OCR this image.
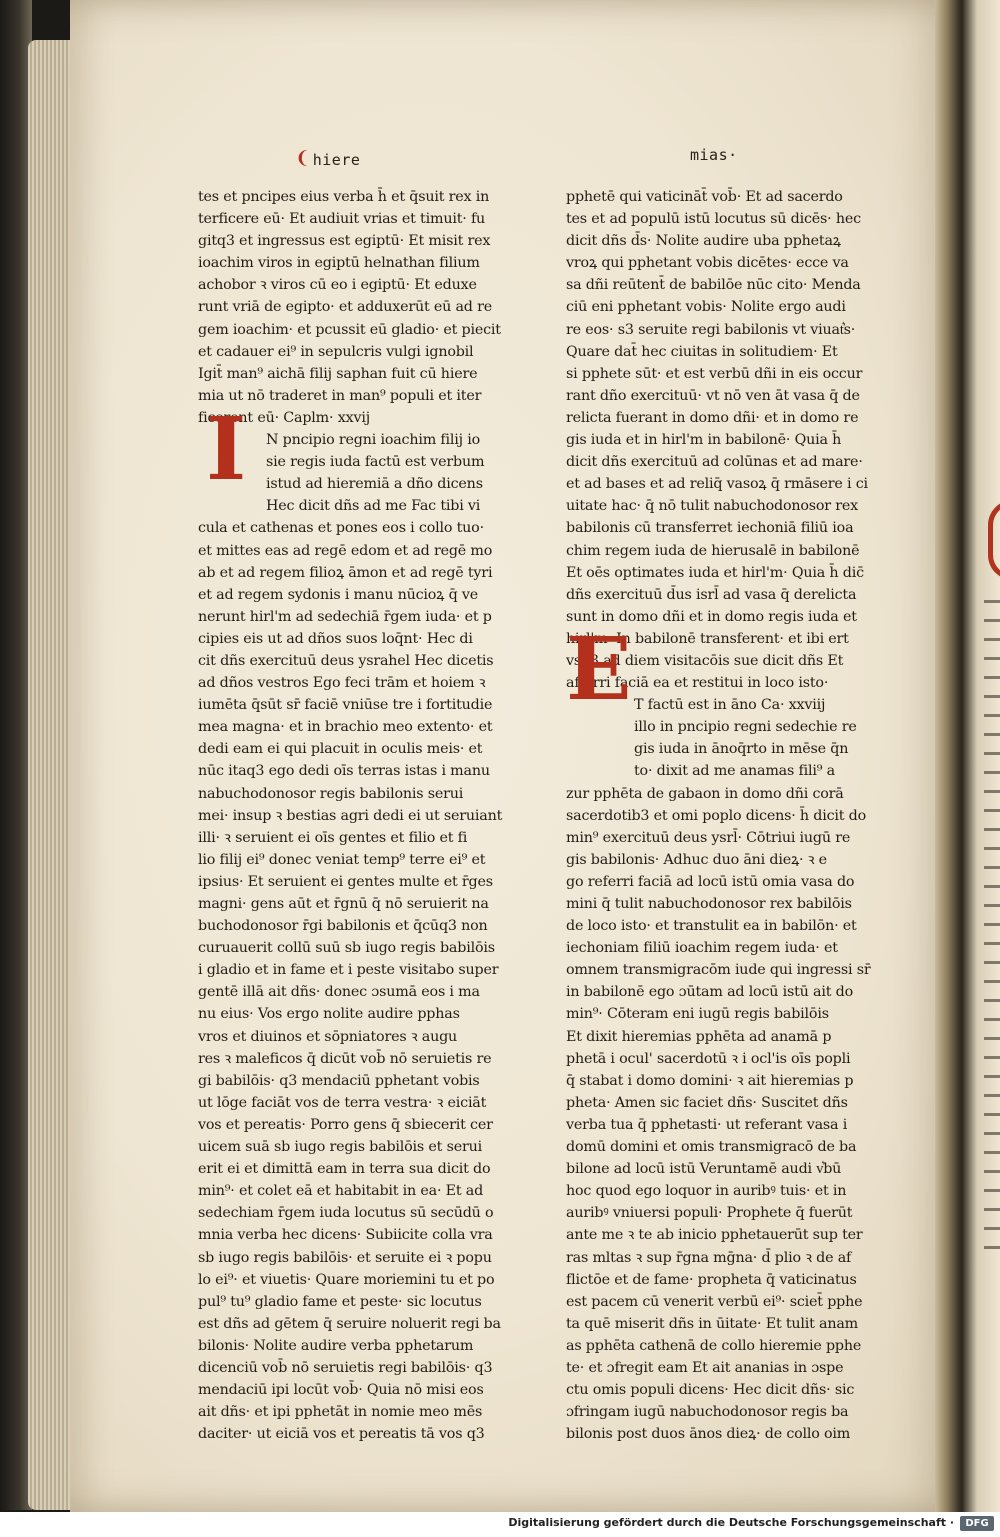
❨ hiere	mias·
I
tes et pncipes eius verba h̄ et q̄suit rex in
terficere eū· Et audiuit vrias et timuit· fu
gitq3 et ingressus est egiptū· Et misit rex
ioachim viros in egiptū helnathan filium
achobor ꝛ viros cū eo i egiptū· Et eduxe
runt vriā de egipto· et adduxerūt eū ad re
gem ioachim· et pcussit eū gladio· et piecit
et cadauer ei⁹ in sepulcris vulgi ignobil
Igit̄ man⁹ aichā filij saphan fuit cū hiere
mia ut nō traderet in man⁹ populi et iter
ficerent eū· Caplm· xxvij
N pncipio regni ioachim filij io
sie regis iuda factū est verbum
istud ad hieremiā a dño dicens
Hec dicit dñs ad me Fac tibi vi
cula et cathenas et pones eos i collo tuo·
et mittes eas ad regē edom et ad regē mo
ab et ad regem filioꝝ āmon et ad regē tyri
et ad regem sydonis i manu nūcioꝝ q̄ ve
nerunt hirl'm ad sedechiā r̄gem iuda· et p
cipies eis ut ad dños suos loq̄nt· Hec di
cit dñs exercituū deus ysrahel Hec dicetis
ad dños vestros Ego feci trām et hoiem ꝛ
iumēta q̄sūt sr̄ faciē vniūse tre i fortitudie
mea magna· et in brachio meo extento· et
dedi eam ei qui placuit in oculis meis· et
nūc itaq3 ego dedi oīs terras istas i manu
nabuchodonosor regis babilonis serui
mei· insup ꝛ bestias agri dedi ei ut seruiant
illi· ꝛ seruient ei oīs gentes et filio et fi
lio filij ei⁹ donec veniat temp⁹ terre ei⁹ et
ipsius· Et seruient ei gentes multe et r̄ges
magni· gens aūt et r̄gnū q̄ nō seruierit na
buchodonosor r̄gi babilonis et q̄cūq3 non
curuauerit collū suū sb iugo regis babilōis
i gladio et in fame et i peste visitabo super
gentē illā ait dñs· donec ɔsumā eos i ma
nu eius· Vos ergo nolite audire pphas
vros et diuinos et sōpniatores ꝛ augu
res ꝛ maleficos q̄ dicūt vob̄ nō seruietis re
gi babilōis· q3 mendaciū pphetant vobis
ut lōge faciāt vos de terra vestra· ꝛ eiciāt
vos et pereatis· Porro gens q̄ sbiecerit cer
uicem suā sb iugo regis babilōis et serui
erit ei et dimittā eam in terra sua dicit do
min⁹· et colet eā et habitabit in ea· Et ad
sedechiam r̄gem iuda locutus sū secūdū o
mnia verba hec dicens· Subiicite colla vra
sb iugo regis babilōis· et seruite ei ꝛ popu
lo ei⁹· et viuetis· Quare moriemini tu et po
pul⁹ tu⁹ gladio fame et peste· sic locutus
est dñs ad gētem q̄ seruire noluerit regi ba
bilonis· Nolite audire verba pphetarum
dicenciū vob̄ nō seruietis regi babilōis· q3
mendaciū ipi locūt vob̄· Quia nō misi eos
ait dñs· et ipi pphetāt in nomie meo mēs
daciter· ut eiciā vos et pereatis tā vos q3
E
pphetē qui vaticināt̄ vob̄· Et ad sacerdo
tes et ad populū istū locutus sū dicēs· hec
dicit dñs d̄s· Nolite audire uba pphetaꝝ
vroꝝ qui pphetant vobis dicētes· ecce va
sa dñi reūtent̄ de babilōe nūc cito· Menda
ciū eni pphetant vobis· Nolite ergo audi
re eos· s3 seruite regi babilonis vt viuat͛s·
Quare dat̄ hec ciuitas in solitudiem· Et
si pphete sūt· et est verbū dñi in eis occur
rant dño exercituū· vt nō ven āt vasa q̄ de
relicta fuerant in domo dñi· et in domo re
gis iuda et in hirl'm in babilonē· Quia h̄
dicit dñs exercituū ad colūnas et ad mare·
et ad bases et ad reliq̄ vasoꝝ q̄ rmāsere i ci
uitate hac· q̄ nō tulit nabuchodonosor rex
babilonis cū transferret iechoniā filiū ioa
chim regem iuda de hierusalē in babilonē
Et oēs optimates iuda et hirl'm· Quia h̄ dic̄
dñs exercituū d̄us isrl̄ ad vasa q̄ derelicta
sunt in domo dñi et in domo regis iuda et
hirl'm· In babilonē transferent· et ibi ert
vsq3 ad diem visitacōis sue dicit dñs Et
afferri faciā ea et restitui in loco isto·
T factū est in āno Ca· xxviij
illo in pncipio regni sedechie re
gis iuda in ānoq̄rto in mēse q̄n
to· dixit ad me anamas fili⁹ a
zur pphēta de gabaon in domo dñi corā
sacerdotib3 et omi poplo dicens· h̄ dicit do
min⁹ exercituū deus ysrl̄· Cōtriui iugū re
gis babilonis· Adhuc duo āni dieꝝ· ꝛ e
go referri faciā ad locū istū omia vasa do
mini q̄ tulit nabuchodonosor rex babilōis
de loco isto· et transtulit ea in babilōn· et
iechoniam filiū ioachim regem iuda· et
omnem transmigracōm iude qui ingressi sr̄
in babilonē ego ɔūtam ad locū istū ait do
min⁹· Cōteram eni iugū regis babilōis
Et dixit hieremias pphēta ad anamā p
phetā i ocul' sacerdotū ꝛ i ocl'is oīs popli
q̄ stabat i domo domini· ꝛ ait hieremias p
pheta· Amen sic faciet dñs· Suscitet dñs
verba tua q̄ pphetasti· ut referant vasa i
domū domini et omis transmigracō de ba
bilone ad locū istū Veruntamē audi v͛bū
hoc quod ego loquor in auribꝰ tuis· et in
auribꝰ vniuersi populi· Prophete q̄ fuerūt
ante me ꝛ te ab inicio pphetauerūt sup ter
ras mltas ꝛ sup r̄gna mḡna· d̄ plio ꝛ de af
flictōe et de fame· propheta q̄ vaticinatus
est pacem cū venerit verbū ei⁹· sciet̄ pphe
ta quē miserit dñs in ūitate· Et tulit anam
as pphēta cathenā de collo hieremie pphe
te· et ɔfregit eam Et ait ananias in ɔspe
ctu omis populi dicens· Hec dicit dñs· sic
ɔfringam iugū nabuchodonosor regis ba
bilonis post duos ānos dieꝝ· de collo oim
Digitalisierung gefördert durch die Deutsche Forschungsgemeinschaft ·	DFG
